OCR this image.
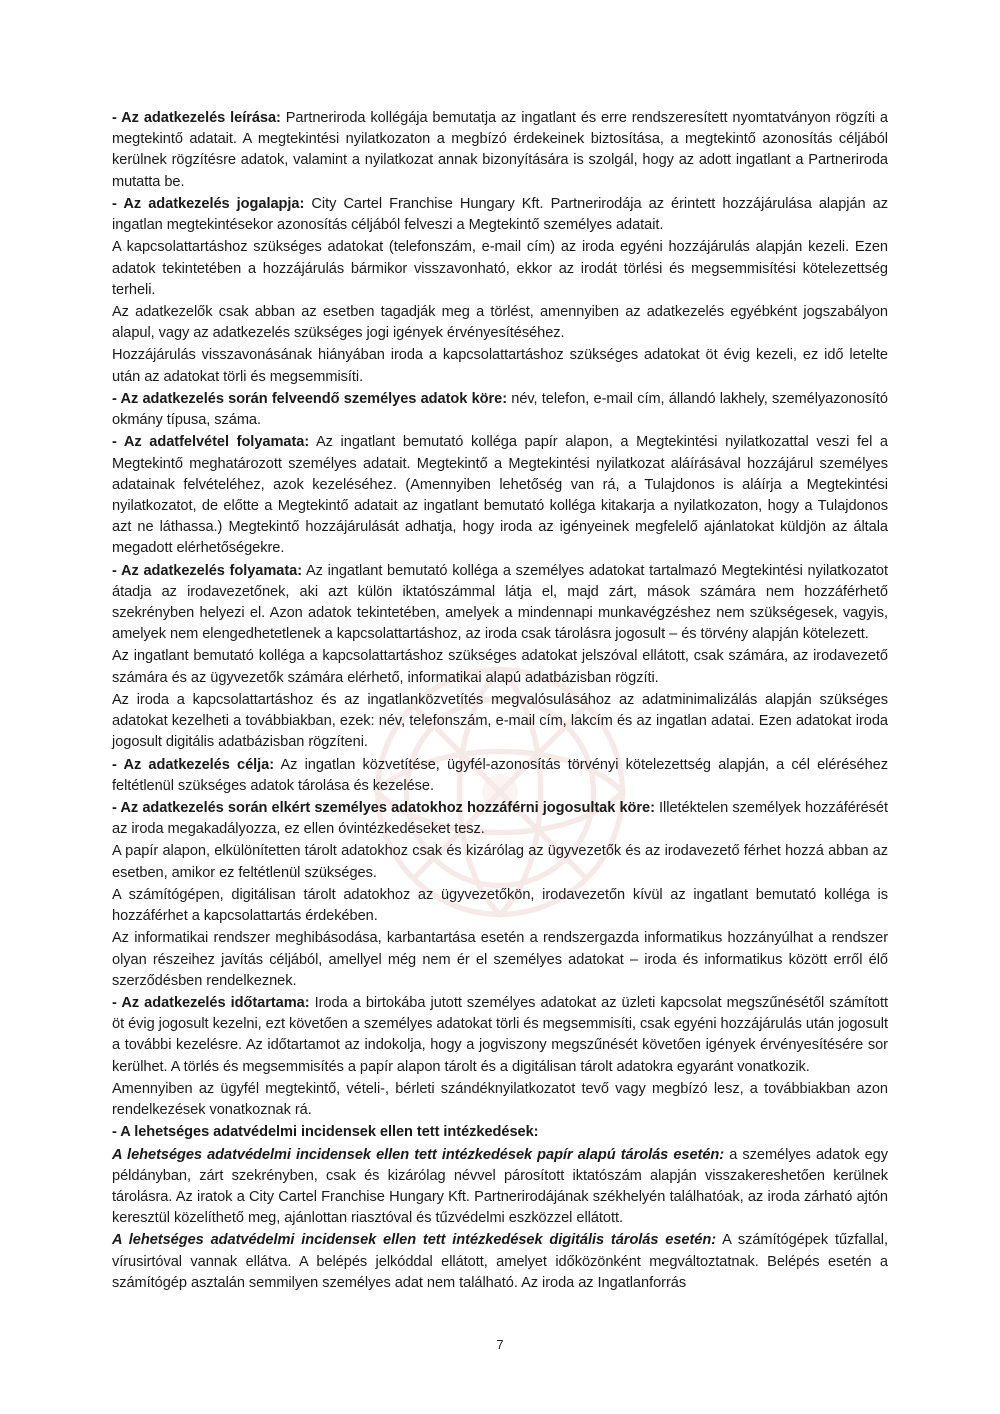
- Az adatkezelés leírása: Partneriroda kollégája bemutatja az ingatlant és erre rendszeresített nyomtatványon rögzíti a megtekintő adatait. A megtekintési nyilatkozaton a megbízó érdekeinek biztosítása, a megtekintő azonosítás céljából kerülnek rögzítésre adatok, valamint a nyilatkozat annak bizonyítására is szolgál, hogy az adott ingatlant a Partneriroda mutatta be.

- Az adatkezelés jogalapja: City Cartel Franchise Hungary Kft. Partnerirodája az érintett hozzájárulása alapján az ingatlan megtekintésekor azonosítás céljából felveszi a Megtekintő személyes adatait.

A kapcsolattartáshoz szükséges adatokat (telefonszám, e-mail cím) az iroda egyéni hozzájárulás alapján kezeli. Ezen adatok tekintetében a hozzájárulás bármikor visszavonható, ekkor az irodát törlési és megsemmisítési kötelezettség terheli.

Az adatkezelők csak abban az esetben tagadják meg a törlést, amennyiben az adatkezelés egyébként jogszabályon alapul, vagy az adatkezelés szükséges jogi igények érvényesítéséhez.

Hozzájárulás visszavonásának hiányában iroda a kapcsolattartáshoz szükséges adatokat öt évig kezeli, ez idő letelte után az adatokat törli és megsemmisíti.

- Az adatkezelés során felveendő személyes adatok köre: név, telefon, e-mail cím, állandó lakhely, személyazonosító okmány típusa, száma.

- Az adatfelvétel folyamata: Az ingatlant bemutató kolléga papír alapon, a Megtekintési nyilatkozattal veszi fel a Megtekintő meghatározott személyes adatait. Megtekintő a Megtekintési nyilatkozat aláírásával hozzájárul személyes adatainak felvételéhez, azok kezeléséhez. (Amennyiben lehetőség van rá, a Tulajdonos is aláírja a Megtekintési nyilatkozatot, de előtte a Megtekintő adatait az ingatlant bemutató kolléga kitakarja a nyilatkozaton, hogy a Tulajdonos azt ne láthassa.) Megtekintő hozzájárulását adhatja, hogy iroda az igényeinek megfelelő ajánlatokat küldjön az általa megadott elérhetőségekre.

- Az adatkezelés folyamata: Az ingatlant bemutató kolléga a személyes adatokat tartalmazó Megtekintési nyilatkozatot átadja az irodavezetőnek, aki azt külön iktatószámmal látja el, majd zárt, mások számára nem hozzáférhető szekrényben helyezi el. Azon adatok tekintetében, amelyek a mindennapi munkavégzéshez nem szükségesek, vagyis, amelyek nem elengedhetetlenek a kapcsolattartáshoz, az iroda csak tárolásra jogosult – és törvény alapján kötelezett.

Az ingatlant bemutató kolléga a kapcsolattartáshoz szükséges adatokat jelszóval ellátott, csak számára, az irodavezető számára és az ügyvezetők számára elérhető, informatikai alapú adatbázisban rögzíti.

Az iroda a kapcsolattartáshoz és az ingatlanközvetítés megvalósulásához az adatminimalizálás alapján szükséges adatokat kezelheti a továbbiakban, ezek: név, telefonszám, e-mail cím, lakcím és az ingatlan adatai. Ezen adatokat iroda jogosult digitális adatbázisban rögzíteni.

- Az adatkezelés célja: Az ingatlan közvetítése, ügyfél-azonosítás törvényi kötelezettség alapján, a cél eléréséhez feltétlenül szükséges adatok tárolása és kezelése.

- Az adatkezelés során elkért személyes adatokhoz hozzáférni jogosultak köre: Illetéktelen személyek hozzáférését az iroda megakadályozza, ez ellen óvintézkedéseket tesz.

A papír alapon, elkülönítetten tárolt adatokhoz csak és kizárólag az ügyvezetők és az irodavezető férhet hozzá abban az esetben, amikor ez feltétlenül szükséges.

A számítógépen, digitálisan tárolt adatokhoz az ügyvezetőkön, irodavezetőn kívül az ingatlant bemutató kolléga is hozzáférhet a kapcsolattartás érdekében.

Az informatikai rendszer meghibásodása, karbantartása esetén a rendszergazda informatikus hozzányúlhat a rendszer olyan részeihez javítás céljából, amellyel még nem ér el személyes adatokat – iroda és informatikus között erről élő szerződésben rendelkeznek.

- Az adatkezelés időtartama: Iroda a birtokába jutott személyes adatokat az üzleti kapcsolat megszűnésétől számított öt évig jogosult kezelni, ezt követően a személyes adatokat törli és megsemmisíti, csak egyéni hozzájárulás után jogosult a további kezelésre. Az időtartamot az indokolja, hogy a jogviszony megszűnését követően igények érvényesítésére sor kerülhet. A törlés és megsemmisítés a papír alapon tárolt és a digitálisan tárolt adatokra egyaránt vonatkozik.

Amennyiben az ügyfél megtekintő, vételi-, bérleti szándéknyilatkozatot tevő vagy megbízó lesz, a továbbiakban azon rendelkezések vonatkoznak rá.

- A lehetséges adatvédelmi incidensek ellen tett intézkedések:

A lehetséges adatvédelmi incidensek ellen tett intézkedések papír alapú tárolás esetén: a személyes adatok egy példányban, zárt szekrényben, csak és kizárólag névvel párosított iktatószám alapján visszakereshetően kerülnek tárolásra. Az iratok a City Cartel Franchise Hungary Kft. Partnerirodájának székhelyén találhatóak, az iroda zárható ajtón keresztül közelíthető meg, ajánlottan riasztóval és tűzvédelmi eszközzel ellátott.

A lehetséges adatvédelmi incidensek ellen tett intézkedések digitális tárolás esetén: A számítógépek tűzfallal, vírusirtóval vannak ellátva. A belépés jelkóddal ellátott, amelyet időközönként megváltoztatnak. Belépés esetén a számítógép asztalán semmilyen személyes adat nem található. Az iroda az Ingatlanforrás

7
